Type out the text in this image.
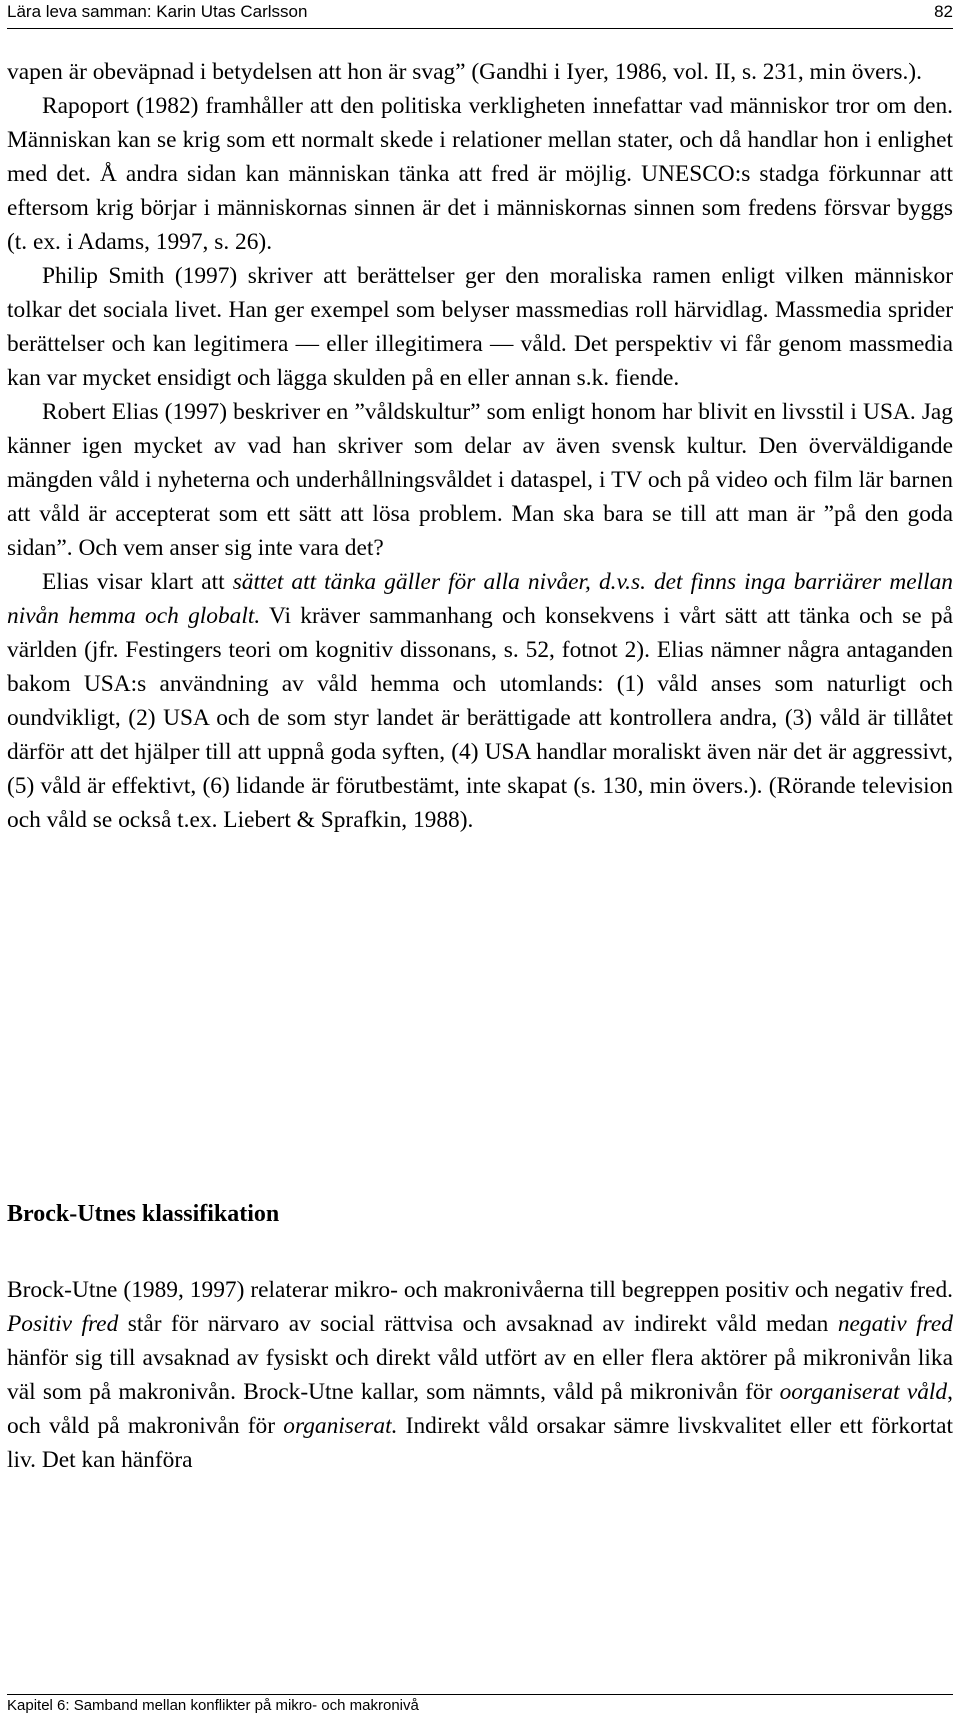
Lära leva samman: Karin Utas Carlsson	82

vapen är obeväpnad i betydelsen att hon är svag” (Gandhi i Iyer, 1986, vol. II, s. 231, min övers.).

Rapoport (1982) framhåller att den politiska verkligheten innefattar vad människor tror om den. Människan kan se krig som ett normalt skede i relationer mellan stater, och då handlar hon i enlighet med det. Å andra sidan kan människan tänka att fred är möjlig. UNESCO:s stadga förkunnar att eftersom krig börjar i människornas sinnen är det i människornas sinnen som fredens försvar byggs (t. ex. i Adams, 1997, s. 26).

Philip Smith (1997) skriver att berättelser ger den moraliska ramen enligt vilken människor tolkar det sociala livet. Han ger exempel som belyser massmedias roll härvidlag. Massmedia sprider berättelser och kan legitimera — eller illegitimera — våld. Det perspektiv vi får genom massmedia kan var mycket ensidigt och lägga skulden på en eller annan s.k. fiende.

Robert Elias (1997) beskriver en ”våldskultur” som enligt honom har blivit en livsstil i USA. Jag känner igen mycket av vad han skriver som delar av även svensk kultur. Den överväldigande mängden våld i nyheterna och underhållningsvåldet i dataspel, i TV och på video och film lär barnen att våld är accepterat som ett sätt att lösa problem. Man ska bara se till att man är ”på den goda sidan”. Och vem anser sig inte vara det?

Elias visar klart att sättet att tänka gäller för alla nivåer, d.v.s. det finns inga barriärer mellan nivån hemma och globalt. Vi kräver sammanhang och konsekvens i vårt sätt att tänka och se på världen (jfr. Festingers teori om kognitiv dissonans, s. 52, fotnot 2). Elias nämner några antaganden bakom USA:s användning av våld hemma och utomlands: (1) våld anses som naturligt och oundvikligt, (2) USA och de som styr landet är berättigade att kontrollera andra, (3) våld är tillåtet därför att det hjälper till att uppnå goda syften, (4) USA handlar moraliskt även när det är aggressivt, (5) våld är effektivt, (6) lidande är förutbestämt, inte skapat (s. 130, min övers.). (Rörande television och våld se också t.ex. Liebert & Sprafkin, 1988).

Brock-Utnes klassifikation

Brock-Utne (1989, 1997) relaterar mikro- och makronivåerna till begreppen positiv och negativ fred. Positiv fred står för närvaro av social rättvisa och avsaknad av indirekt våld medan negativ fred hänför sig till avsaknad av fysiskt och direkt våld utfört av en eller flera aktörer på mikronivån lika väl som på makronivån. Brock-Utne kallar, som nämnts, våld på mikronivån för oorganiserat våld, och våld på makronivån för organiserat. Indirekt våld orsakar sämre livskvalitet eller ett förkortat liv. Det kan hänföra

Kapitel 6: Samband mellan konflikter på mikro- och makronivå
